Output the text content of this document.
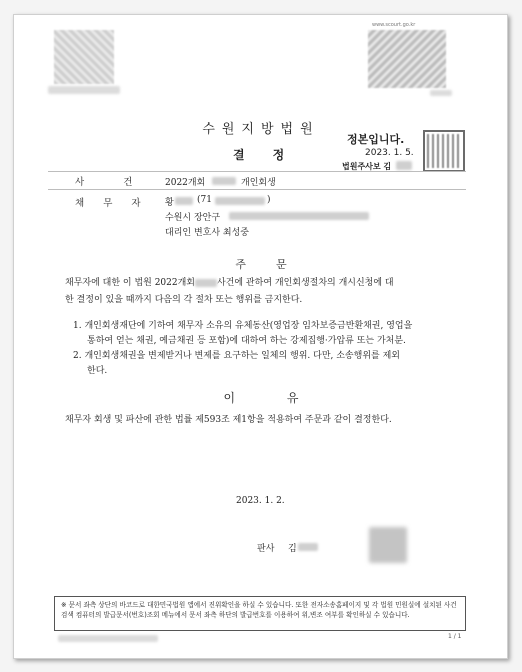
www.scourt.go.kr
수원지방법원
정본입니다.
결정	2023. 1. 5.
법원주사보 김
사 건 2022개회	개인회생
채 무 자 황	(71	)
수원시 장안구
대리인 변호사 최성중
주문
채무자에 대한 이 법원 2022개회 사건에 관하여 개인회생절차의 개시신청에 대
한 결정이 있을 때까지 다음의 각 절차 또는 행위를 금지한다.
1. 개인회생재단에 기하여 채무자 소유의 유체동산(영업장 임차보증금반환채권, 영업을
통하여 얻는 채권, 예금채권 등 포함)에 대하여 하는 강제집행·가압류 또는 가처분.
2. 개인회생채권을 변제받거나 변제를 요구하는 일체의 행위. 다만, 소송행위를 제외
한다.
이 유
채무자 회생 및 파산에 관한 법률 제593조 제1항을 적용하여 주문과 같이 결정한다.
2023. 1. 2.
판사 김
※ 문서 좌측 상단의 바코드로 대한민국법원 앱에서 진위확인을 하실 수 있습니다. 또한 전자소송홈페이지 및 각 법원 민원실에 설치된 사건검색 컴퓨터의 발급문서(번호)조회 메뉴에서 문서 좌측 하단의 발급번호를 이용하여 위,변조 여부를 확인하실 수 있습니다.
1 / 1
